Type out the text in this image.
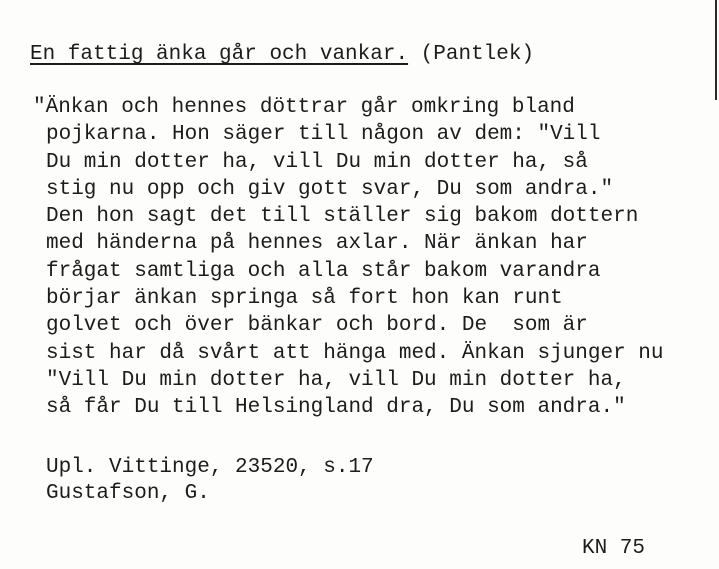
En fattig änka går och vankar. (Pantlek)
"Änkan och hennes döttrar går omkring bland
pojkarna. Hon säger till någon av dem: "Vill
Du min dotter ha, vill Du min dotter ha, så
stig nu opp och giv gott svar, Du som andra."
Den hon sagt det till ställer sig bakom dottern
med händerna på hennes axlar. När änkan har
frågat samtliga och alla står bakom varandra
börjar änkan springa så fort hon kan runt
golvet och över bänkar och bord. De  som är
sist har då svårt att hänga med. Änkan sjunger nu
"Vill Du min dotter ha, vill Du min dotter ha,
så får Du till Helsingland dra, Du som andra."
Upl. Vittinge, 23520, s.17
Gustafson, G.
KN 75
